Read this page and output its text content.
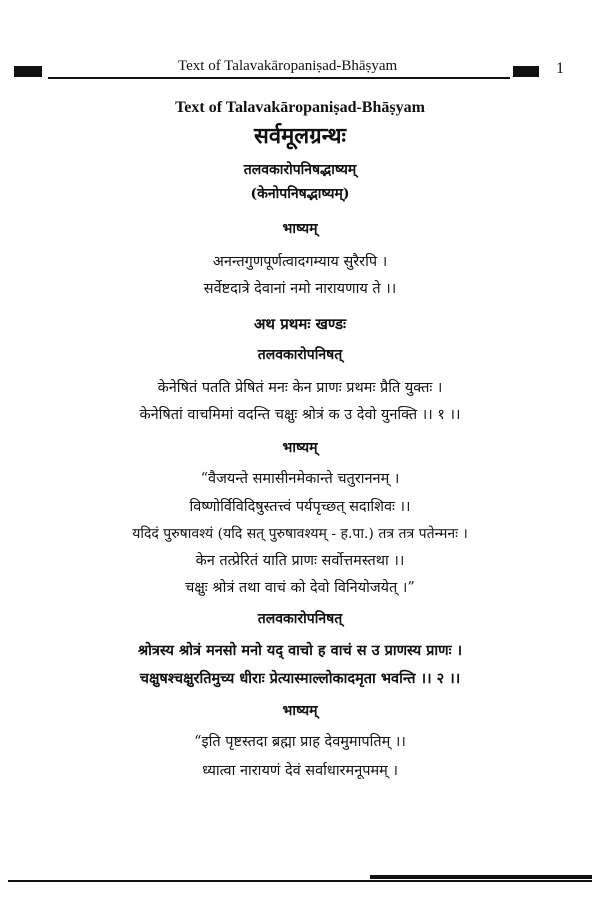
Text of Talavakāropaniṣad-Bhāṣyam	1
Text of Talavakāropaniṣad-Bhāṣyam
सर्वमूलग्रन्थः
तलवकारोपनिषद्भाष्यम्
(केनोपनिषद्भाष्यम्)
भाष्यम्
अनन्तगुणपूर्णत्वादगम्याय सुरैरपि ।
सर्वेष्टदात्रे देवानां नमो नारायणाय ते ।।
अथ प्रथमः खण्डः
तलवकारोपनिषत्
केनेषितं पतति प्रेषितं मनः केन प्राणः प्रथमः प्रैति युक्तः ।
केनेषितां वाचमिमां वदन्ति चक्षुः श्रोत्रं क उ देवो युनक्ति ।। १ ।।
भाष्यम्
“वैजयन्ते समासीनमेकान्ते चतुराननम् ।
विष्णोर्विविदिषुस्तत्त्वं पर्यपृच्छत् सदाशिवः ।।
यदिदं पुरुषावश्यं (यदि सत् पुरुषावश्यम् - ह.पा.) तत्र तत्र पतेन्मनः ।
केन तत्प्रेरितं याति प्राणः सर्वोत्तमस्तथा ।।
चक्षुः श्रोत्रं तथा वाचं को देवो विनियोजयेत् ।”
तलवकारोपनिषत्
श्रोत्रस्य श्रोत्रं मनसो मनो यद् वाचो ह वाचं स उ प्राणस्य प्राणः ।
चक्षुषश्चक्षुरतिमुच्य धीराः प्रेत्यास्माल्लोकादमृता भवन्ति ।। २ ।।
भाष्यम्
“इति पृष्टस्तदा ब्रह्मा प्राह देवमुमापतिम् ।।
ध्यात्वा नारायणं देवं सर्वाधारमनूपमम् ।
